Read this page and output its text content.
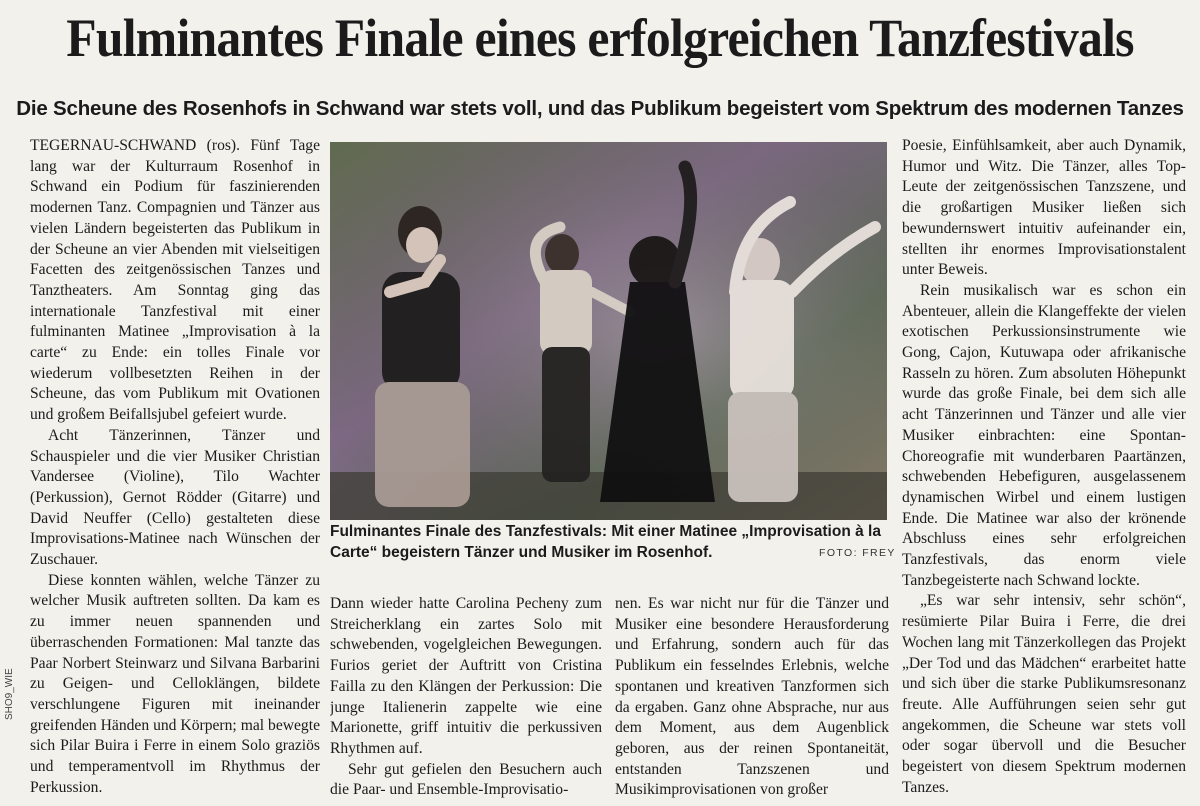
Fulminantes Finale eines erfolgreichen Tanzfestivals
Die Scheune des Rosenhofs in Schwand war stets voll, und das Publikum begeistert vom Spektrum des modernen Tanzes

TEGERNAU-SCHWAND (ros). Fünf Tage lang war der Kulturraum Rosenhof in Schwand ein Podium für faszinierenden modernen Tanz. Compagnien und Tänzer aus vielen Ländern begeisterten das Publikum in der Scheune an vier Abenden mit vielseitigen Facetten des zeitgenössischen Tanzes und Tanztheaters. Am Sonntag ging das internationale Tanzfestival mit einer fulminanten Matinee „Improvisation à la carte“ zu Ende: ein tolles Finale vor wiederum vollbesetzten Reihen in der Scheune, das vom Publikum mit Ovationen und großem Beifallsjubel gefeiert wurde.

Acht Tänzerinnen, Tänzer und Schauspieler und die vier Musiker Christian Vandersee (Violine), Tilo Wachter (Perkussion), Gernot Rödder (Gitarre) und David Neuffer (Cello) gestalteten diese Improvisations-Matinee nach Wünschen der Zuschauer.

Diese konnten wählen, welche Tänzer zu welcher Musik auftreten sollten. Da kam es zu immer neuen spannenden und überraschenden Formationen: Mal tanzte das Paar Norbert Steinwarz und Silvana Barbarini zu Geigen- und Celloklängen, bildete verschlungene Figuren mit ineinander greifenden Händen und Körpern; mal bewegte sich Pilar Buira i Ferre in einem Solo graziös und temperamentvoll im Rhythmus der Perkussion.

Fulminantes Finale des Tanzfestivals: Mit einer Matinee „Improvisation à la Carte“ begeistern Tänzer und Musiker im Rosenhof.	FOTO: FREY

Dann wieder hatte Carolina Pecheny zum Streicherklang ein zartes Solo mit schwebenden, vogelgleichen Bewegungen. Furios geriet der Auftritt von Cristina Failla zu den Klängen der Perkussion: Die junge Italienerin zappelte wie eine Marionette, griff intuitiv die perkussiven Rhythmen auf.

Sehr gut gefielen den Besuchern auch die Paar- und Ensemble-Improvisatio-

nen. Es war nicht nur für die Tänzer und Musiker eine besondere Herausforderung und Erfahrung, sondern auch für das Publikum ein fesselndes Erlebnis, welche spontanen und kreativen Tanzformen sich da ergaben. Ganz ohne Absprache, nur aus dem Moment, aus dem Augenblick geboren, aus der reinen Spontaneität, entstanden Tanzszenen und Musikimprovisationen von großer

Poesie, Einfühlsamkeit, aber auch Dynamik, Humor und Witz. Die Tänzer, alles Top-Leute der zeitgenössischen Tanzszene, und die großartigen Musiker ließen sich bewundernswert intuitiv aufeinander ein, stellten ihr enormes Improvisationstalent unter Beweis.

Rein musikalisch war es schon ein Abenteuer, allein die Klangeffekte der vielen exotischen Perkussionsinstrumente wie Gong, Cajon, Kutuwapa oder afrikanische Rasseln zu hören. Zum absoluten Höhepunkt wurde das große Finale, bei dem sich alle acht Tänzerinnen und Tänzer und alle vier Musiker einbrachten: eine Spontan-Choreografie mit wunderbaren Paartänzen, schwebenden Hebefiguren, ausgelassenem dynamischen Wirbel und einem lustigen Ende. Die Matinee war also der krönende Abschluss eines sehr erfolgreichen Tanzfestivals, das enorm viele Tanzbegeisterte nach Schwand lockte.

„Es war sehr intensiv, sehr schön“, resümierte Pilar Buira i Ferre, die drei Wochen lang mit Tänzerkollegen das Projekt „Der Tod und das Mädchen“ erarbeitet hatte und sich über die starke Publikumsresonanz freute. Alle Aufführungen seien sehr gut angekommen, die Scheune war stets voll oder sogar übervoll und die Besucher begeistert von diesem Spektrum modernen Tanzes.

SHO9_WIE
